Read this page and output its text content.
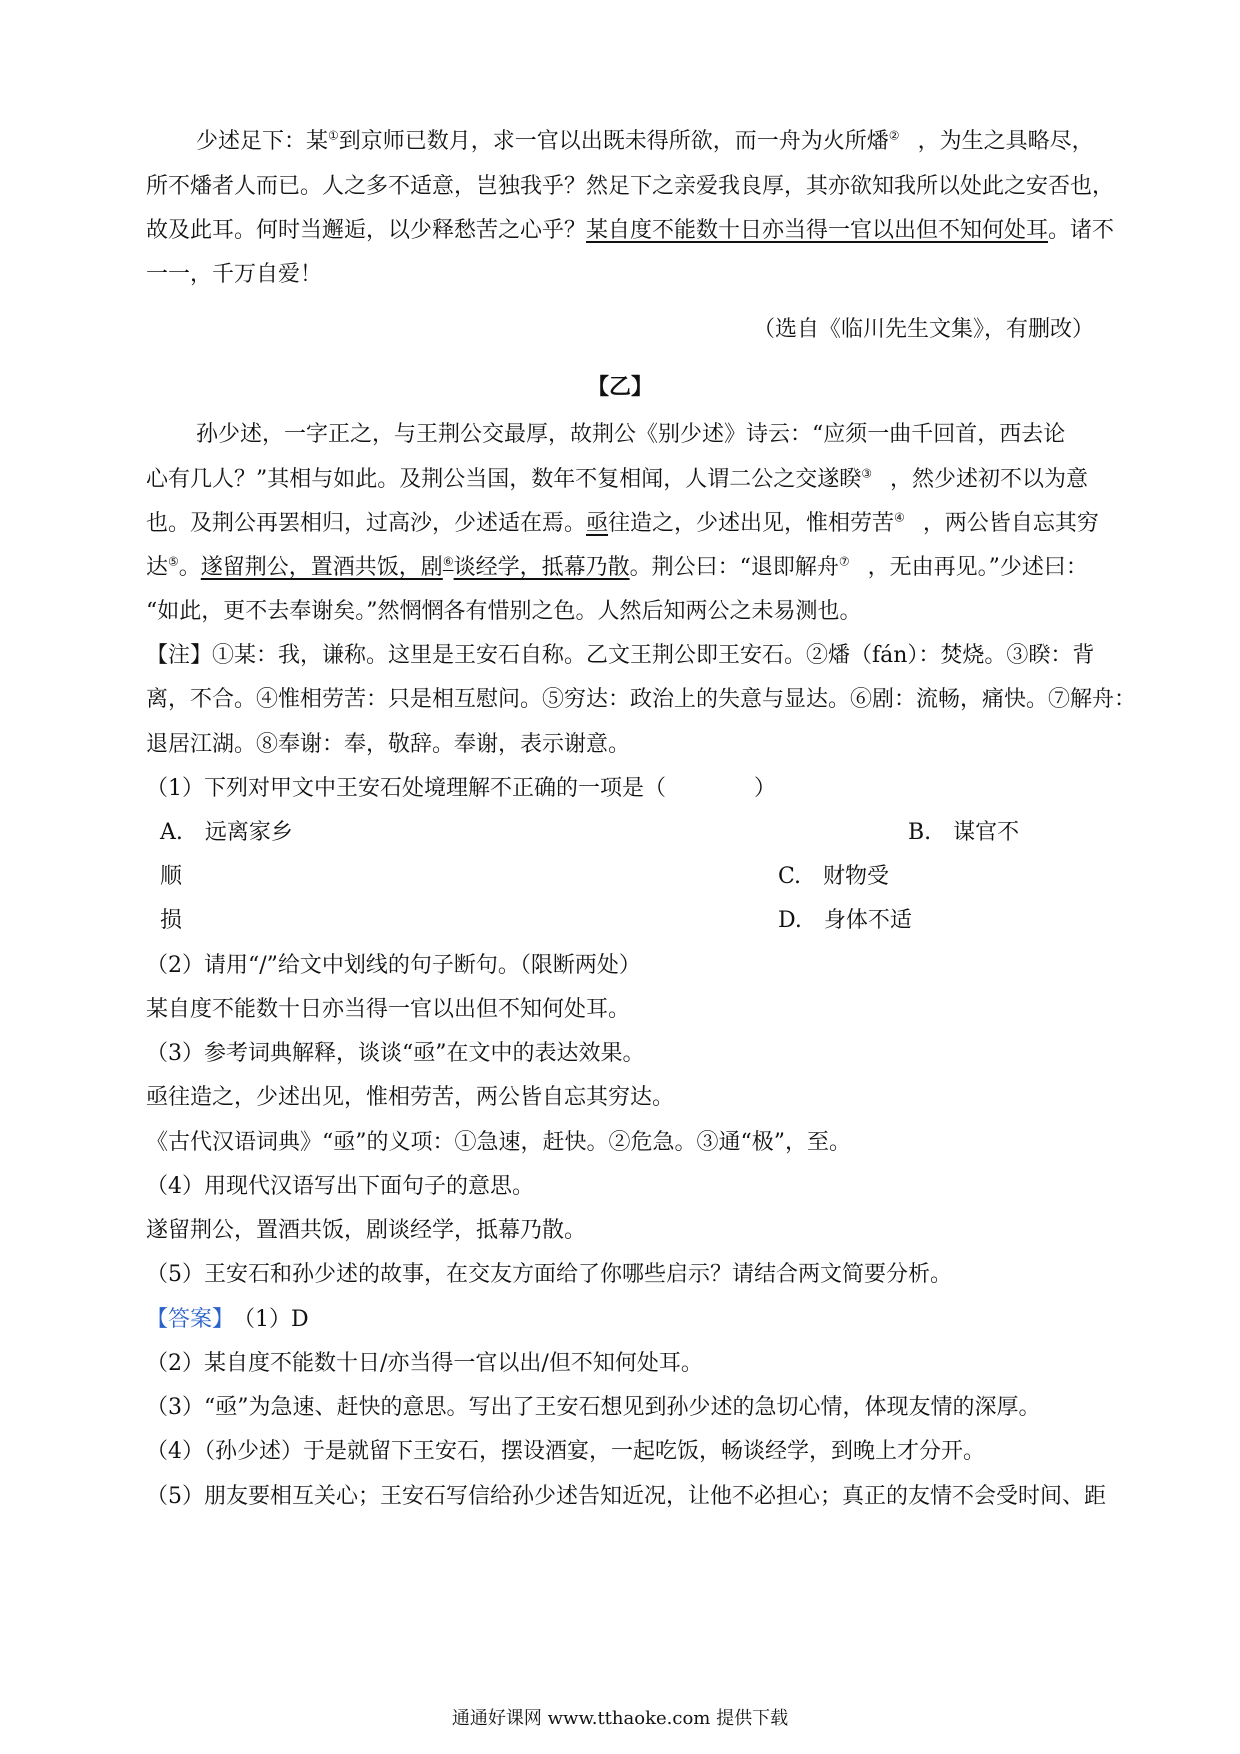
少述足下：某①到京师已数月，求一官以出既未得所欲，而一舟为火所燔② ，为生之具略尽，
所不燔者人而已。人之多不适意，岂独我乎？然足下之亲爱我良厚，其亦欲知我所以处此之安否也，
故及此耳。何时当邂逅，以少释愁苦之心乎？某自度不能数十日亦当得一官以出但不知何处耳。诸不
一一，千万自爱！
（选自《临川先生文集》，有删改）
【乙】
孙少述，一字正之，与王荆公交最厚，故荆公《别少述》诗云：“应须一曲千回首，西去论
心有几人？”其相与如此。及荆公当国，数年不复相闻，人谓二公之交遂睽③ ，然少述初不以为意
也。及荆公再罢相归，过高沙，少述适在焉。亟往造之，少述出见，惟相劳苦④ ，两公皆自忘其穷
达⑤。遂留荆公，置酒共饭，剧⑥谈经学，抵幕乃散。荆公曰：“退即解舟⑦ ，无由再见。”少述曰：
“如此，更不去奉谢矣。”然惘惘各有惜别之色。人然后知两公之未易测也。
【注】①某：我，谦称。这里是王安石自称。乙文王荆公即王安石。②燔（fán）：焚烧。③睽：背
离，不合。④惟相劳苦：只是相互慰问。⑤穷达：政治上的失意与显达。⑥剧：流畅，痛快。⑦解舟：
退居江湖。⑧奉谢：奉，敬辞。奉谢，表示谢意。
（1）下列对甲文中王安石处境理解不正确的一项是（　　　　）
A.　远离家乡	B.　谋官不
顺	C.　财物受
损	D.　身体不适
（2）请用“/”给文中划线的句子断句。（限断两处）
某自度不能数十日亦当得一官以出但不知何处耳。
（3）参考词典解释，谈谈“亟”在文中的表达效果。
亟往造之，少述出见，惟相劳苦，两公皆自忘其穷达。
《古代汉语词典》“亟”的义项：①急速，赶快。②危急。③通“极”，至。
（4）用现代汉语写出下面句子的意思。
遂留荆公，置酒共饭，剧谈经学，抵幕乃散。
（5）王安石和孙少述的故事，在交友方面给了你哪些启示？请结合两文简要分析。
【答案】 （1）D
（2）某自度不能数十日/亦当得一官以出/但不知何处耳。
（3）“亟”为急速、赶快的意思。写出了王安石想见到孙少述的急切心情，体现友情的深厚。
（4）（孙少述）于是就留下王安石，摆设酒宴，一起吃饭，畅谈经学，到晚上才分开。
（5）朋友要相互关心；王安石写信给孙少述告知近况，让他不必担心；真正的友情不会受时间、距
通通好课网 www.tthaoke.com 提供下载
